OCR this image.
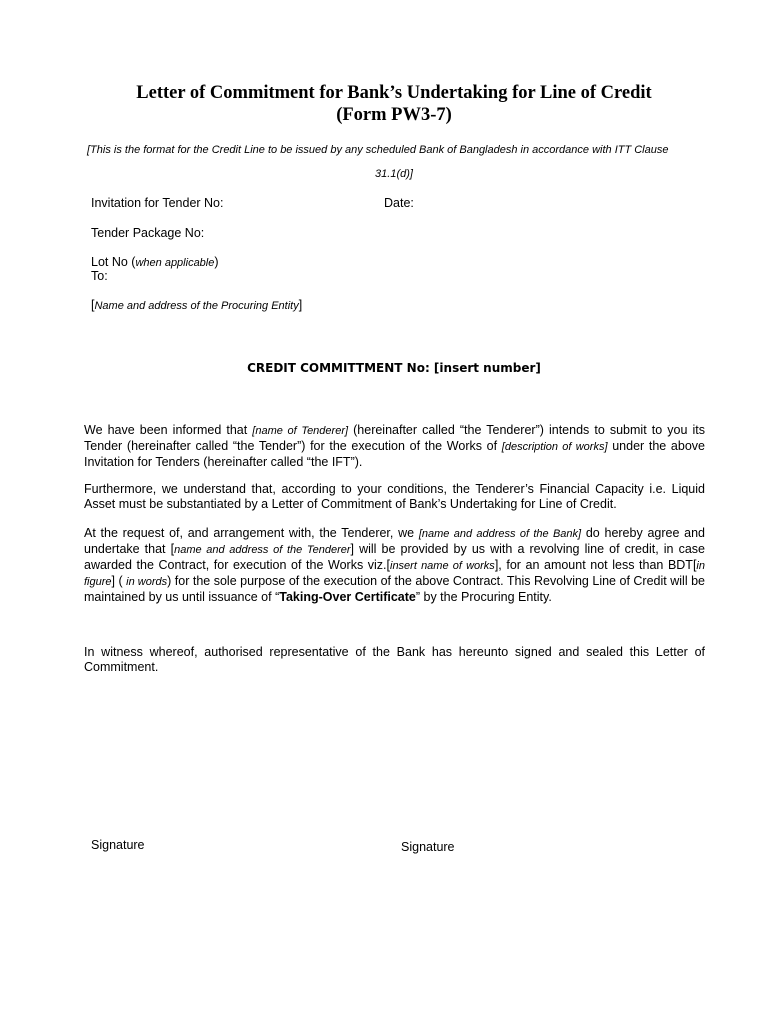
Letter of Commitment for Bank’s Undertaking for Line of Credit
(Form PW3-7)
[This is the format for the Credit Line to be issued by any scheduled Bank of Bangladesh in accordance with ITT Clause
31.1(d)]
Invitation for Tender No:	Date:
Tender Package No:
Lot No (when applicable)
To:
[Name and address of the Procuring Entity]
CREDIT COMMITTMENT No: [insert number]
We have been informed that [name of Tenderer] (hereinafter called “the Tenderer”) intends to submit to you its Tender (hereinafter called “the Tender”) for the execution of the Works of [description of works] under the above Invitation for Tenders (hereinafter called “the IFT”).
Furthermore, we understand that, according to your conditions, the Tenderer’s Financial Capacity i.e. Liquid Asset must be substantiated by a Letter of Commitment of Bank’s Undertaking for Line of Credit.
At the request of, and arrangement with, the Tenderer, we [name and address of the Bank] do hereby agree and undertake that [name and address of the Tenderer] will be provided by us with a revolving line of credit, in case awarded the Contract, for execution of the Works viz.[insert name of works], for an amount not less than BDT[in figure] ( in words) for the sole purpose of the execution of the above Contract. This Revolving Line of Credit will be maintained by us until issuance of “Taking-Over Certificate” by the Procuring Entity.
In witness whereof, authorised representative of the Bank has hereunto signed and sealed this Letter of Commitment.
Signature	Signature
